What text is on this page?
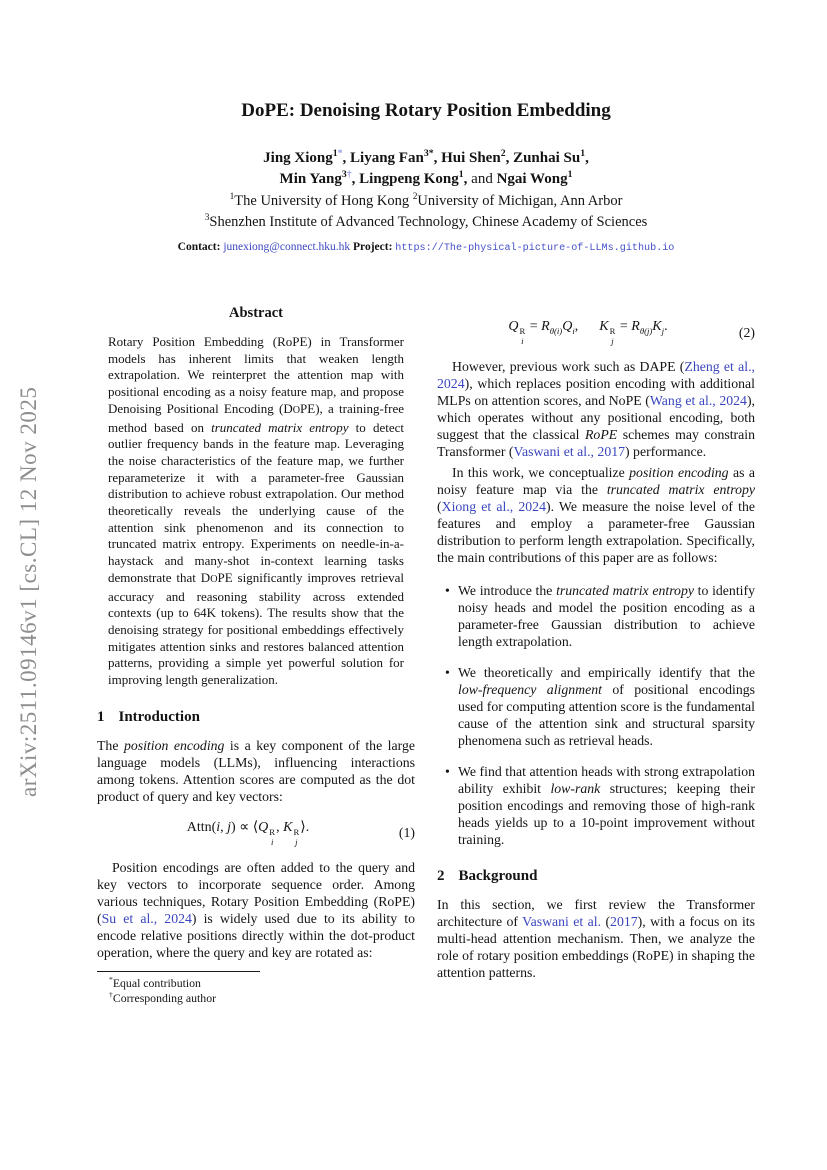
arXiv:2511.09146v1 [cs.CL] 12 Nov 2025
DoPE: Denoising Rotary Position Embedding
Jing Xiong$^{1*}$, Liyang Fan$^{3*}$, Hui Shen$^2$, Zunhai Su$^1$,
Min Yang$^{3\dagger}$, Lingpeng Kong$^1$, and Ngai Wong$^1$
$^1$The University of Hong Kong $^2$University of Michigan, Ann Arbor
$^3$Shenzhen Institute of Advanced Technology, Chinese Academy of Sciences
Contact: junexiong@connect.hku.hk Project: https://The-physical-picture-of-LLMs.github.io
Abstract
Rotary Position Embedding (RoPE) in Transformer models has inherent limits that weaken length extrapolation. We reinterpret the attention map with positional encoding as a noisy feature map, and propose Denoising Positional Encoding (DOPE), a training-free method based on truncated matrix entropy to detect outlier frequency bands in the feature map. Leveraging the noise characteristics of the feature map, we further reparameterize it with a parameter-free Gaussian distribution to achieve robust extrapolation. Our method theoretically reveals the underlying cause of the attention sink phenomenon and its connection to truncated matrix entropy. Experiments on needle-in-a-haystack and many-shot in-context learning tasks demonstrate that DOPE significantly improves retrieval accuracy and reasoning stability across extended contexts (up to 64K tokens). The results show that the denoising strategy for positional embeddings effectively mitigates attention sinks and restores balanced attention patterns, providing a simple yet powerful solution for improving length generalization.
1 Introduction

The position encoding is a key component of the large language models (LLMs), influencing interactions among tokens. Attention scores are computed as the dot product of query and key vectors:

Attn(i, j) ∝ ⟨Q R
i
, K R
j
⟩.	(1)

Position encodings are often added to the query and key vectors to incorporate sequence order. Among various techniques, Rotary Position Embedding (RoPE) (Su et al., 2024) is widely used due to its ability to encode relative positions directly within the dot-product operation, where the query and key are rotated as:

*Equal contribution
†Corresponding author
Q R
i
= $R_{\theta(i)}Q_i$,   K R
j
= $R_{\theta(j)}K_j$.	(2)

However, previous work such as DAPE (Zheng et al., 2024), which replaces position encoding with additional MLPs on attention scores, and NoPE (Wang et al., 2024), which operates without any positional encoding, both suggest that the classical RoPE schemes may constrain Transformer (Vaswani et al., 2017) performance.

In this work, we conceptualize position encoding as a noisy feature map via the truncated matrix entropy (Xiong et al., 2024). We measure the noise level of the features and employ a parameter-free Gaussian distribution to perform length extrapolation. Specifically, the main contributions of this paper are as follows:

• We introduce the truncated matrix entropy to identify noisy heads and model the position encoding as a parameter-free Gaussian distribution to achieve length extrapolation.
• We theoretically and empirically identify that the low-frequency alignment of positional encodings used for computing attention score is the fundamental cause of the attention sink and structural sparsity phenomena such as retrieval heads.
• We find that attention heads with strong extrapolation ability exhibit low-rank structures; keeping their position encodings and removing those of high-rank heads yields up to a 10-point improvement without training.
2 Background

In this section, we first review the Transformer architecture of Vaswani et al. (2017), with a focus on its multi-head attention mechanism. Then, we analyze the role of rotary position embeddings (RoPE) in shaping the attention patterns.
